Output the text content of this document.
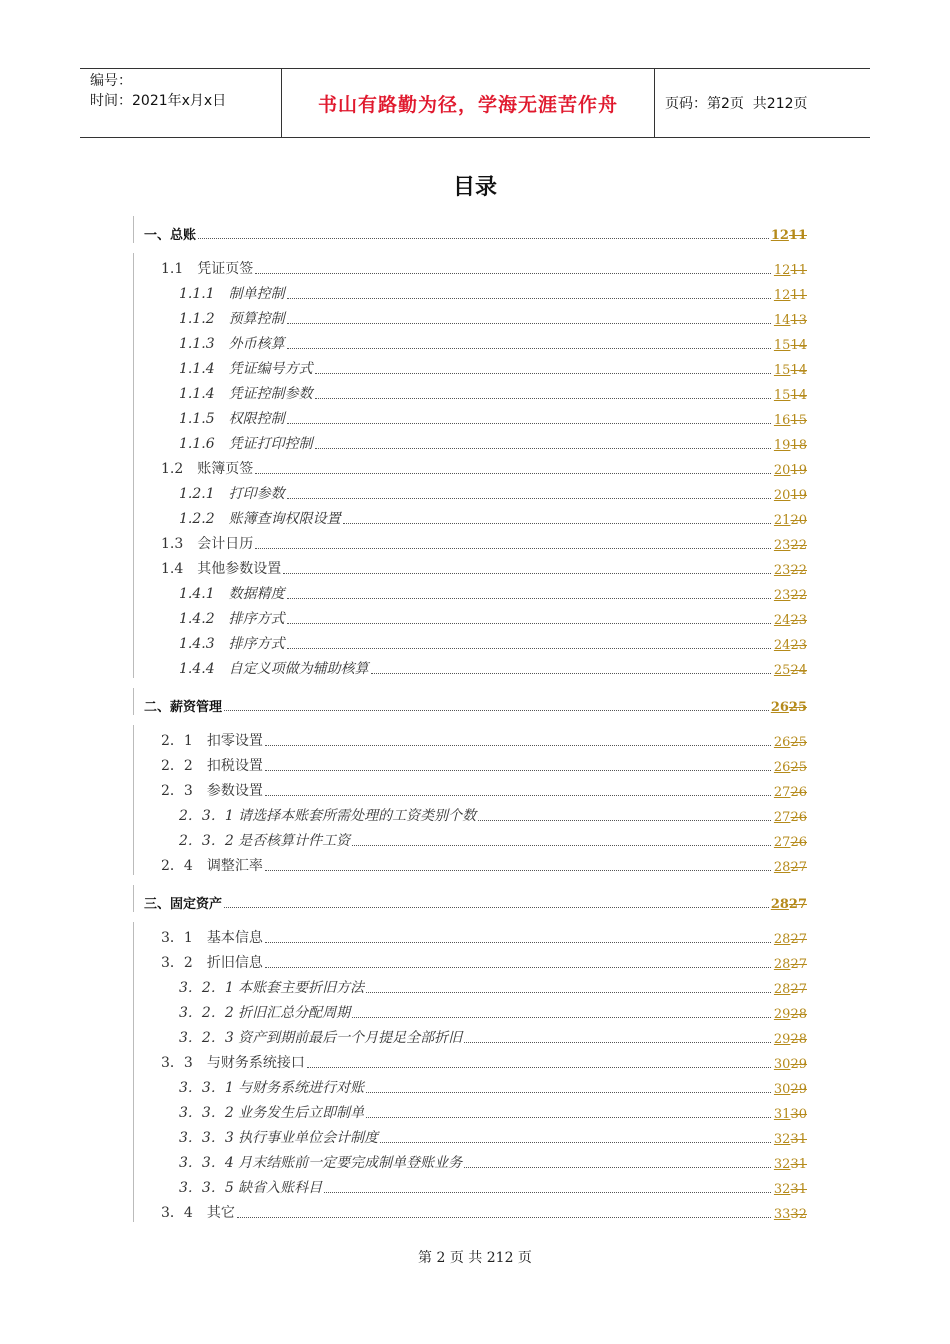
编号：
时间：2021年x月x日	书山有路勤为径，学海无涯苦作舟	页码：第2页  共212页
目录
一、总账	1211
1.1　凭证页签	1211
1.1.1　制单控制	1211
1.1.2　预算控制	1413
1.1.3　外币核算	1514
1.1.4　凭证编号方式	1514
1.1.4　凭证控制参数	1514
1.1.5　权限控制	1615
1.1.6　凭证打印控制	1918
1.2　账簿页签	2019
1.2.1　打印参数	2019
1.2.2　账簿查询权限设置	2120
1.3　会计日历	2322
1.4　其他参数设置	2322
1.4.1　数据精度	2322
1.4.2　排序方式	2423
1.4.3　排序方式	2423
1.4.4　自定义项做为辅助核算	2524
二、薪资管理	2625
2．1　扣零设置	2625
2．2　扣税设置	2625
2．3　参数设置	2726
2．3．1 请选择本账套所需处理的工资类别个数	2726
2．3．2 是否核算计件工资	2726
2．4　调整汇率	2827
三、固定资产	2827
3．1　基本信息	2827
3．2　折旧信息	2827
3．2．1 本账套主要折旧方法	2827
3．2．2 折旧汇总分配周期	2928
3．2．3 资产到期前最后一个月提足全部折旧	2928
3．3　与财务系统接口	3029
3．3．1 与财务系统进行对账	3029
3．3．2 业务发生后立即制单	3130
3．3．3 执行事业单位会计制度	3231
3．3．4 月末结账前一定要完成制单登账业务	3231
3．3．5 缺省入账科目	3231
3．4　其它	3332
第 2 页 共 212 页
